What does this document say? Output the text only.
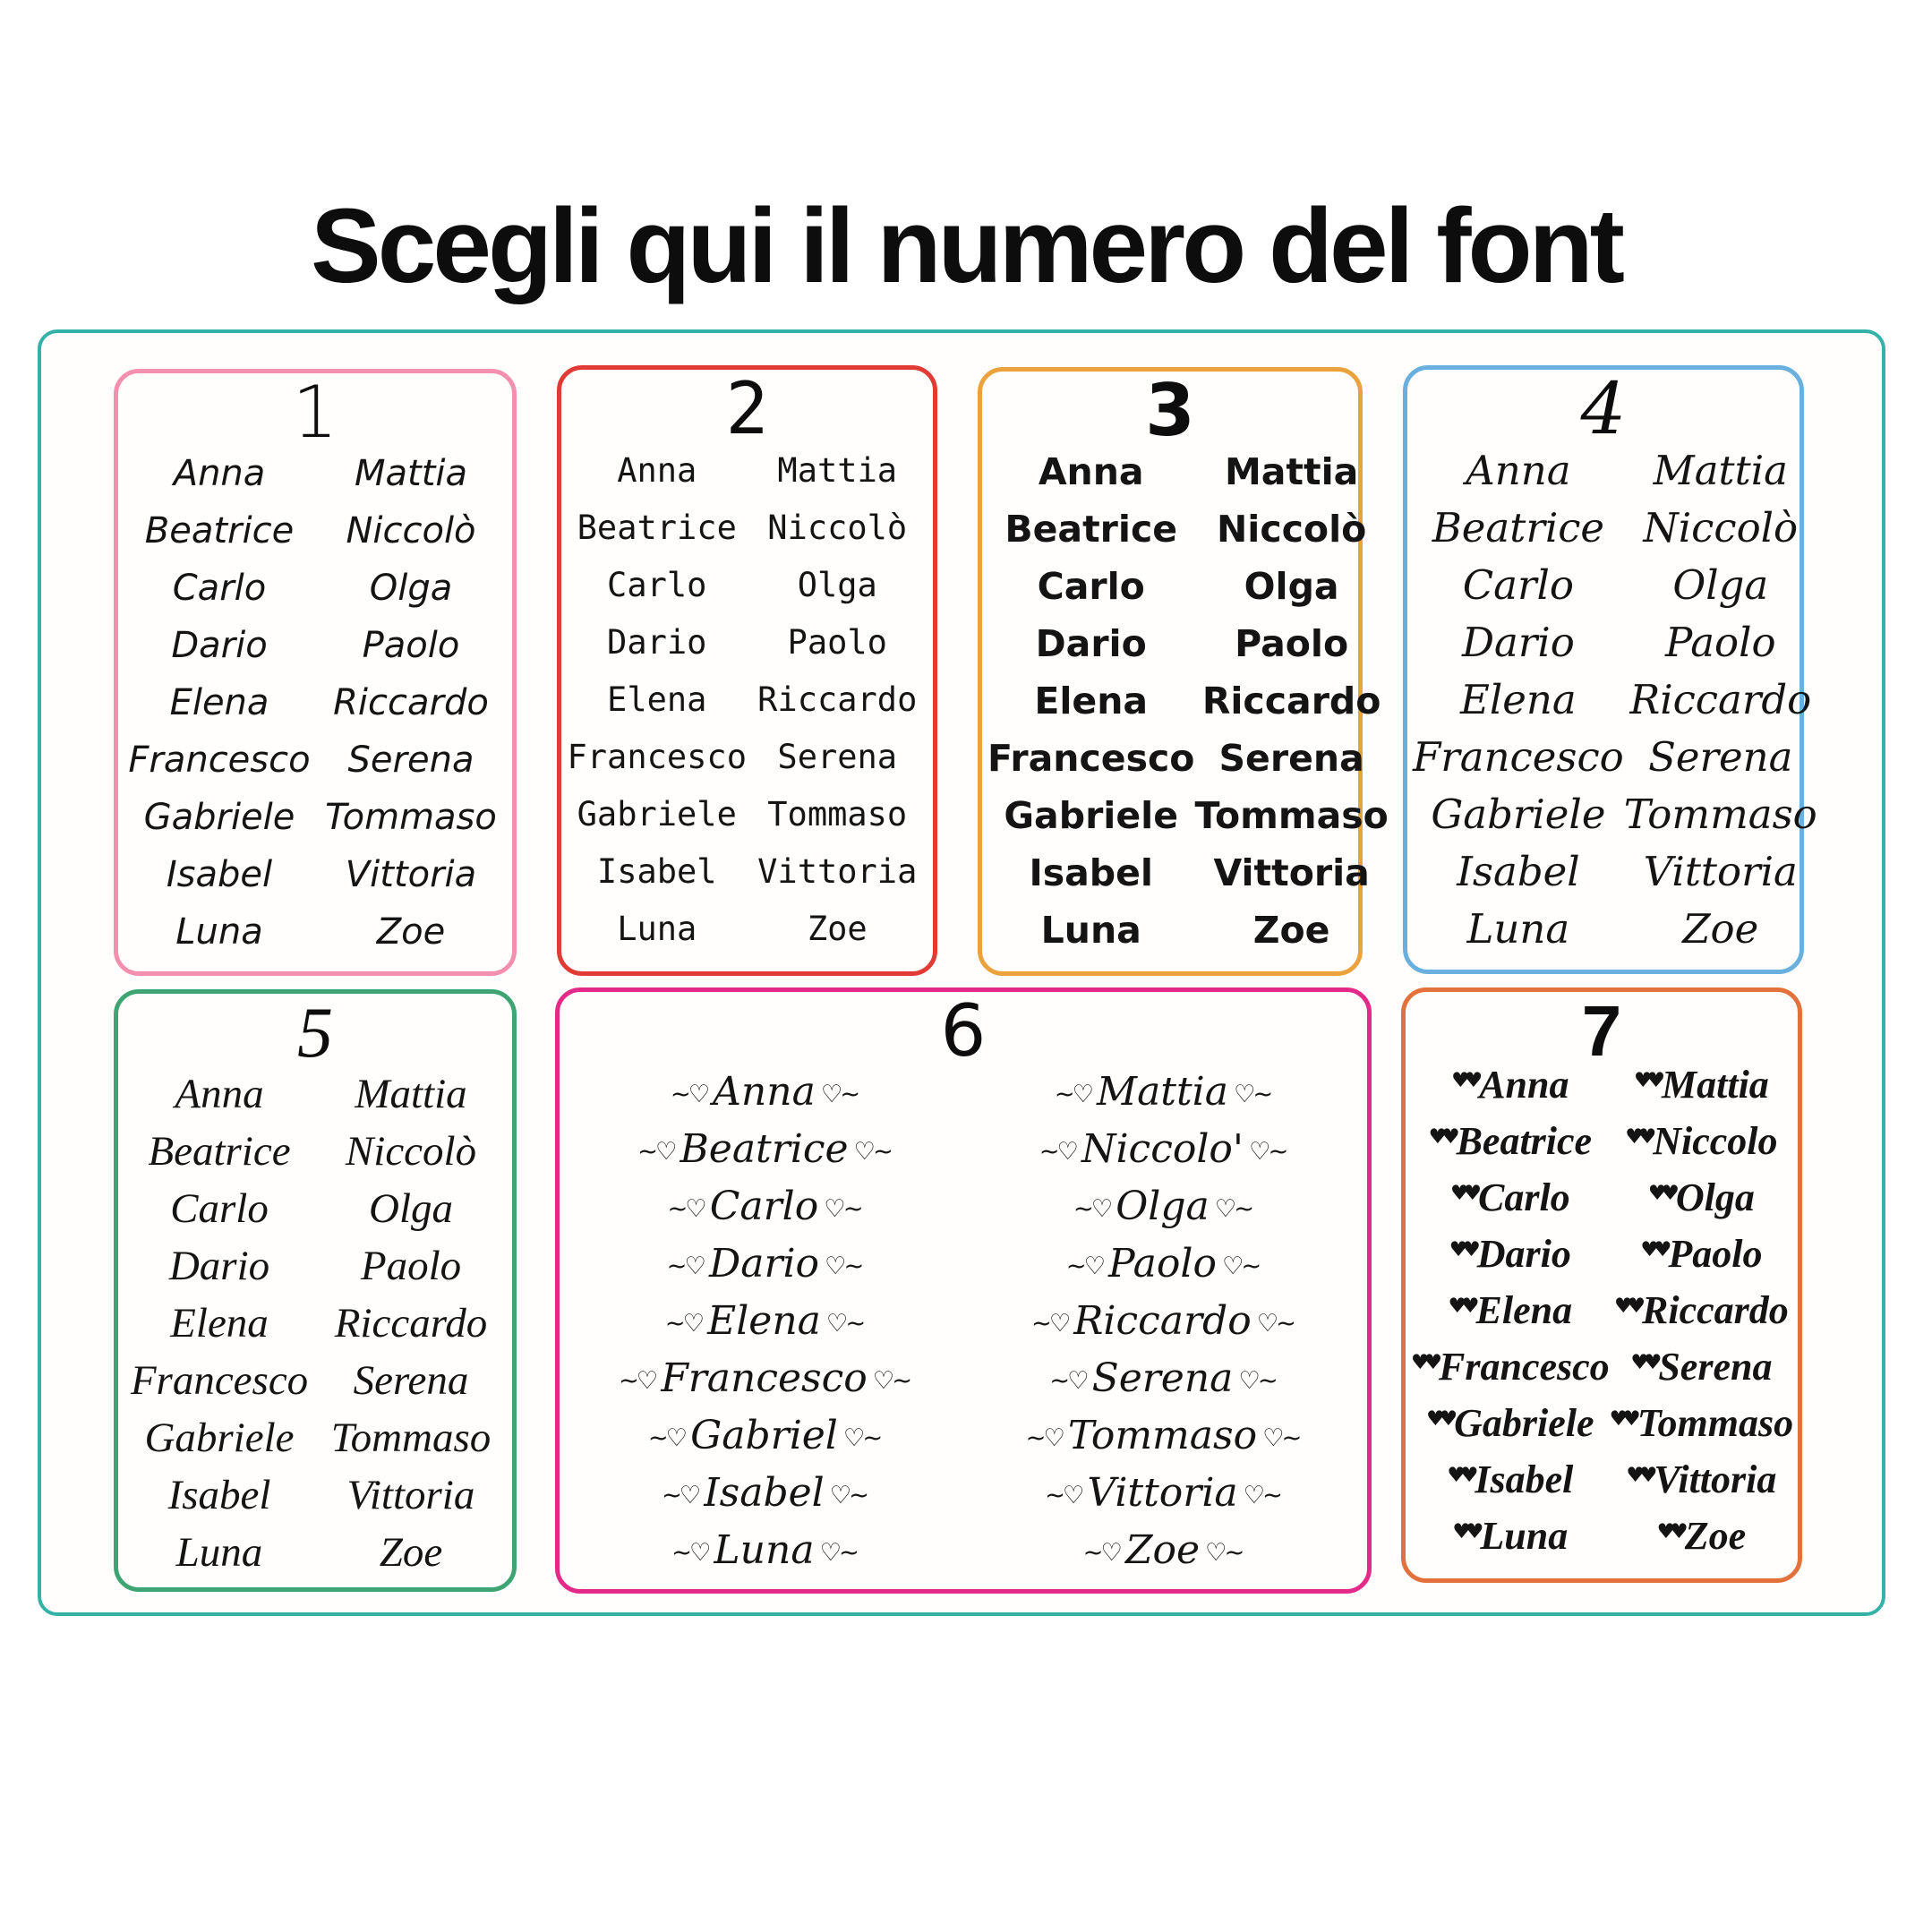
Scegli qui il numero del font
1
Anna Mattia
Beatrice Niccolò
Carlo	Olga
Dario	Paolo
Elena Riccardo
Francesco Serena
Gabriele Tommaso
Isabel Vittoria
Luna	Zoe
2
Anna Mattia
Beatrice Niccolò
Carlo	Olga
Dario Paolo
Elena Riccardo
Francesco Serena
Gabriele Tommaso
Isabel Vittoria
Luna	Zoe
3
Anna Mattia
Beatrice Niccolò
Carlo	Olga
Dario Paolo
Elena Riccardo
Francesco Serena
Gabriele Tommaso
Isabel Vittoria
Luna	Zoe
4
Anna Mattia
Beatrice Niccolò
Carlo Olga
Dario Paolo
Elena Riccardo
Francesco Serena
Gabriele Tommaso
Isabel Vittoria
Luna	Zoe
5
Anna Mattia
Beatrice Niccolò
Carlo Olga
Dario Paolo
Elena Riccardo
Francesco Serena
Gabriele Tommaso
Isabel Vittoria
Luna	Zoe
6
~♡ Anna ♡~	~♡ Mattia ♡~
~♡ Beatrice ♡~	~♡ Niccolo' ♡~
~♡ Carlo ♡~	~♡ Olga ♡~
~♡ Dario ♡~	~♡ Paolo ♡~
~♡ Elena ♡~	~♡ Riccardo ♡~
~♡ Francesco ♡~	~♡ Serena ♡~
~♡ Gabriel ♡~	~♡ Tommaso ♡~
~♡ Isabel ♡~	~♡ Vittoria ♡~
~♡ Luna ♡~	~♡ Zoe ♡~
7
♥♥Anna	♥♥Mattia
♥♥Beatrice ♥♥Niccolo
♥♥Carlo	♥♥Olga
♥♥Dario	♥♥Paolo
♥♥Elena ♥♥Riccardo
♥♥Francesco ♥♥Serena
♥♥Gabriele ♥♥Tommaso
♥♥Isabel	♥♥Vittoria
♥♥Luna	♥♥Zoe
